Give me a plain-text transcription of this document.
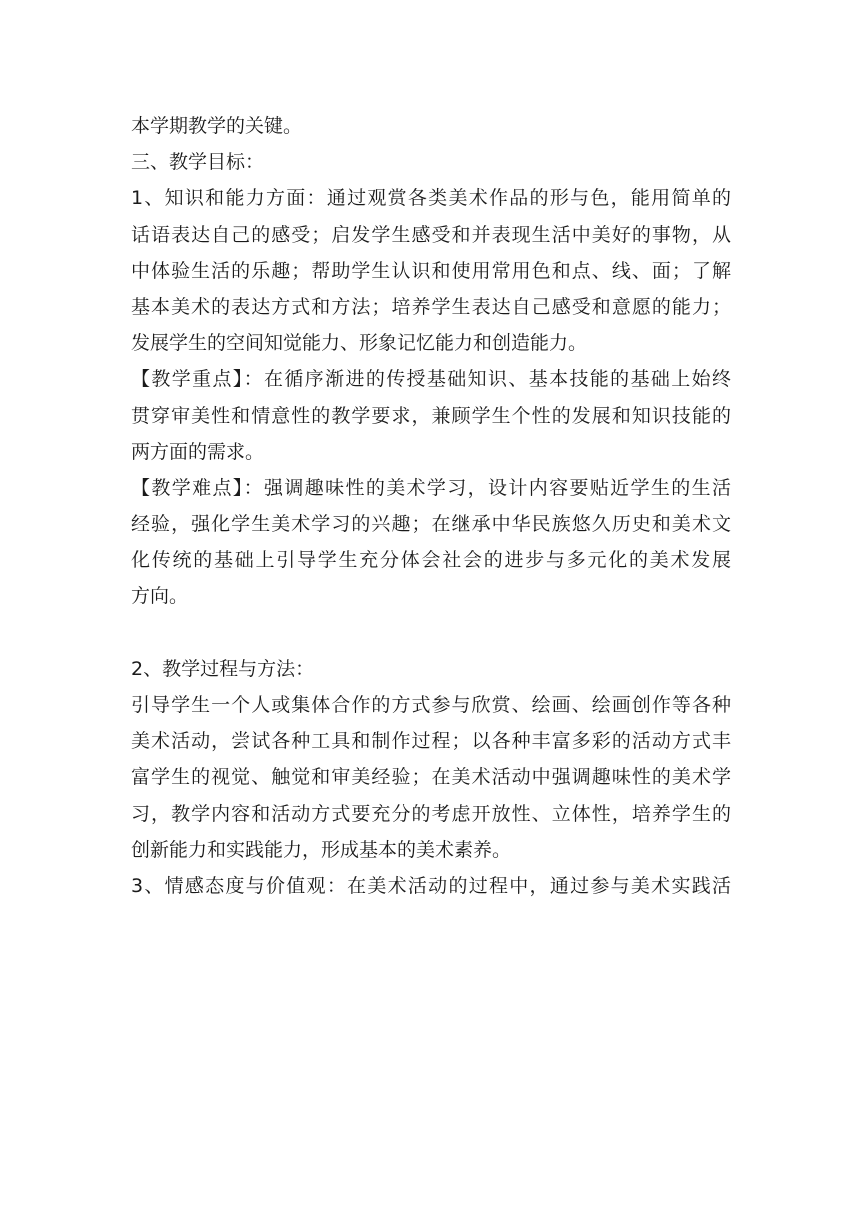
本学期教学的关键。
三、教学目标：
1、知识和能力方面：通过观赏各类美术作品的形与色，能用简单的
话语表达自己的感受；启发学生感受和并表现生活中美好的事物，从
中体验生活的乐趣；帮助学生认识和使用常用色和点、线、面；了解
基本美术的表达方式和方法；培养学生表达自己感受和意愿的能力；
发展学生的空间知觉能力、形象记忆能力和创造能力。
【教学重点】：在循序渐进的传授基础知识、基本技能的基础上始终
贯穿审美性和情意性的教学要求，兼顾学生个性的发展和知识技能的
两方面的需求。
【教学难点】：强调趣味性的美术学习，设计内容要贴近学生的生活
经验，强化学生美术学习的兴趣；在继承中华民族悠久历史和美术文
化传统的基础上引导学生充分体会社会的进步与多元化的美术发展
方向。
2、教学过程与方法：
引导学生一个人或集体合作的方式参与欣赏、绘画、绘画创作等各种
美术活动，尝试各种工具和制作过程；以各种丰富多彩的活动方式丰
富学生的视觉、触觉和审美经验；在美术活动中强调趣味性的美术学
习，教学内容和活动方式要充分的考虑开放性、立体性，培养学生的
创新能力和实践能力，形成基本的美术素养。
3、情感态度与价值观：在美术活动的过程中，通过参与美术实践活
